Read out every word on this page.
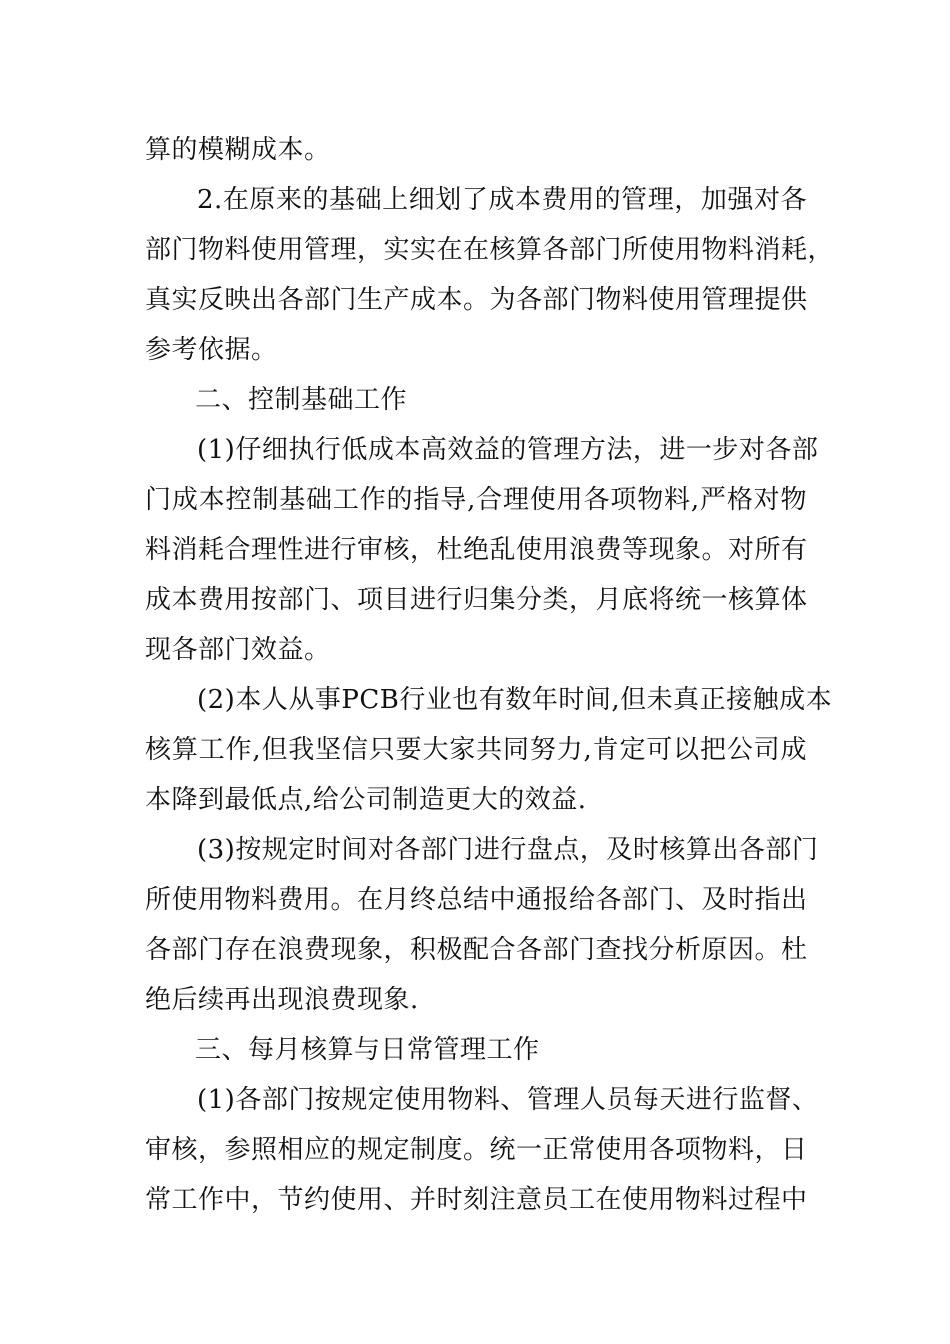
算的模糊成本。
2.在原来的基础上细划了成本费用的管理，加强对各
部门物料使用管理，实实在在核算各部门所使用物料消耗，
真实反映出各部门生产成本。为各部门物料使用管理提供
参考依据。
二、控制基础工作
(1)仔细执行低成本高效益的管理方法，进一步对各部
门成本控制基础工作的指导,合理使用各项物料,严格对物
料消耗合理性进行审核，杜绝乱使用浪费等现象。对所有
成本费用按部门、项目进行归集分类，月底将统一核算体
现各部门效益。
(2)本人从事PCB行业也有数年时间,但未真正接触成本
核算工作,但我坚信只要大家共同努力,肯定可以把公司成
本降到最低点,给公司制造更大的效益.
(3)按规定时间对各部门进行盘点，及时核算出各部门
所使用物料费用。在月终总结中通报给各部门、及时指出
各部门存在浪费现象，积极配合各部门查找分析原因。杜
绝后续再出现浪费现象.
三、每月核算与日常管理工作
(1)各部门按规定使用物料、管理人员每天进行监督、
审核，参照相应的规定制度。统一正常使用各项物料，日
常工作中，节约使用、并时刻注意员工在使用物料过程中
